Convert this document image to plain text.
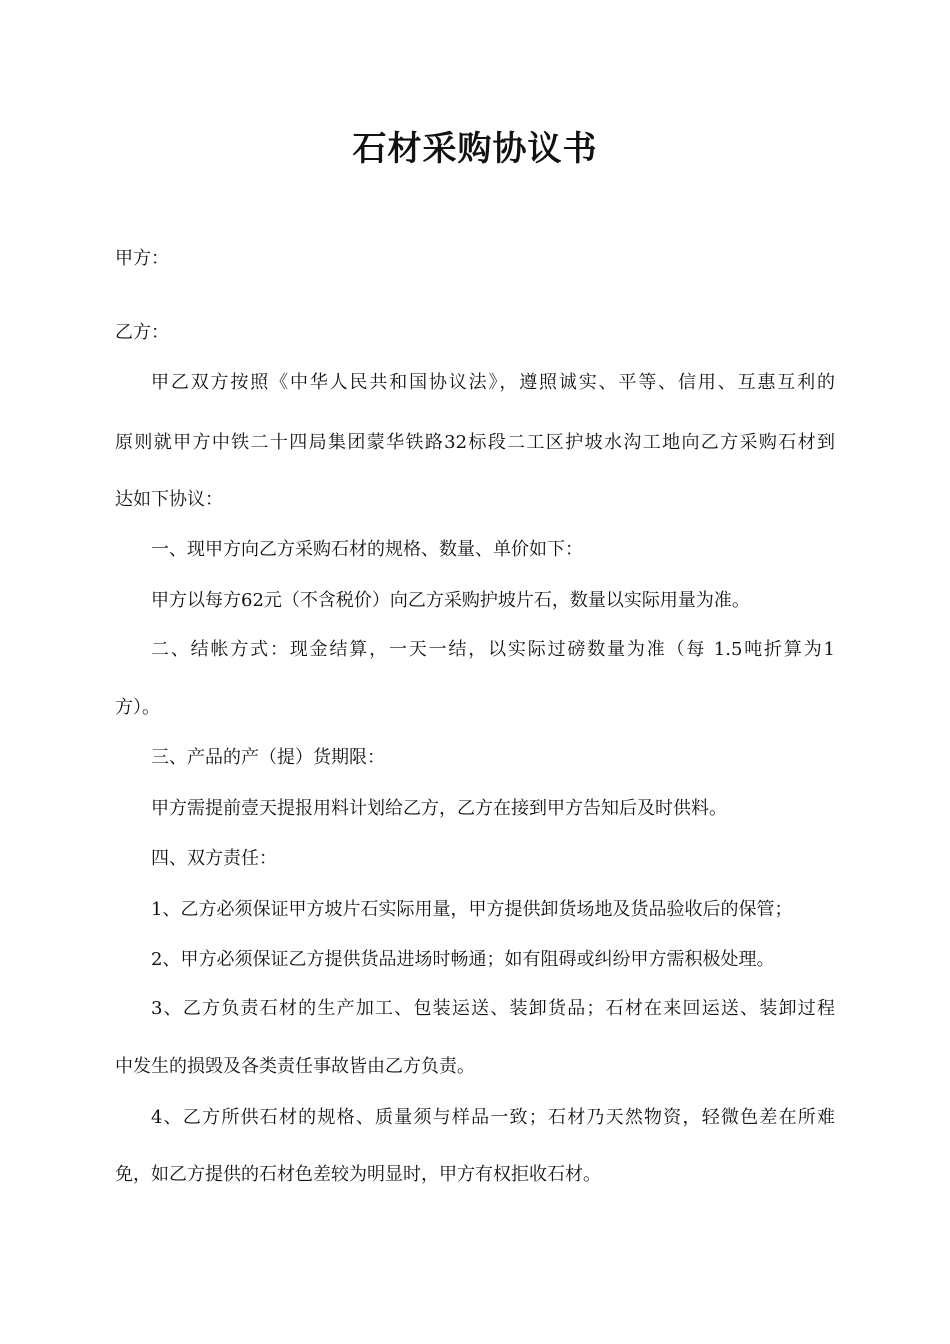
石材采购协议书
甲方：
乙方：
甲乙双方按照《中华人民共和国协议法》，遵照诚实、平等、信用、互惠互利的
原则就甲方中铁二十四局集团蒙华铁路32标段二工区护坡水沟工地向乙方采购石材到
达如下协议：
一、现甲方向乙方采购石材的规格、数量、单价如下：
甲方以每方62元（不含税价）向乙方采购护坡片石，数量以实际用量为准。
二、结帐方式：现金结算，一天一结，以实际过磅数量为准（每 1.5吨折算为1
方）。
三、产品的产（提）货期限：
甲方需提前壹天提报用料计划给乙方，乙方在接到甲方告知后及时供料。
四、双方责任：
1、乙方必须保证甲方坡片石实际用量，甲方提供卸货场地及货品验收后的保管；
2、甲方必须保证乙方提供货品进场时畅通；如有阻碍或纠纷甲方需积极处理。
3、乙方负责石材的生产加工、包装运送、装卸货品；石材在来回运送、装卸过程
中发生的损毁及各类责任事故皆由乙方负责。
4、乙方所供石材的规格、质量须与样品一致；石材乃天然物资，轻微色差在所难
免，如乙方提供的石材色差较为明显时，甲方有权拒收石材。
